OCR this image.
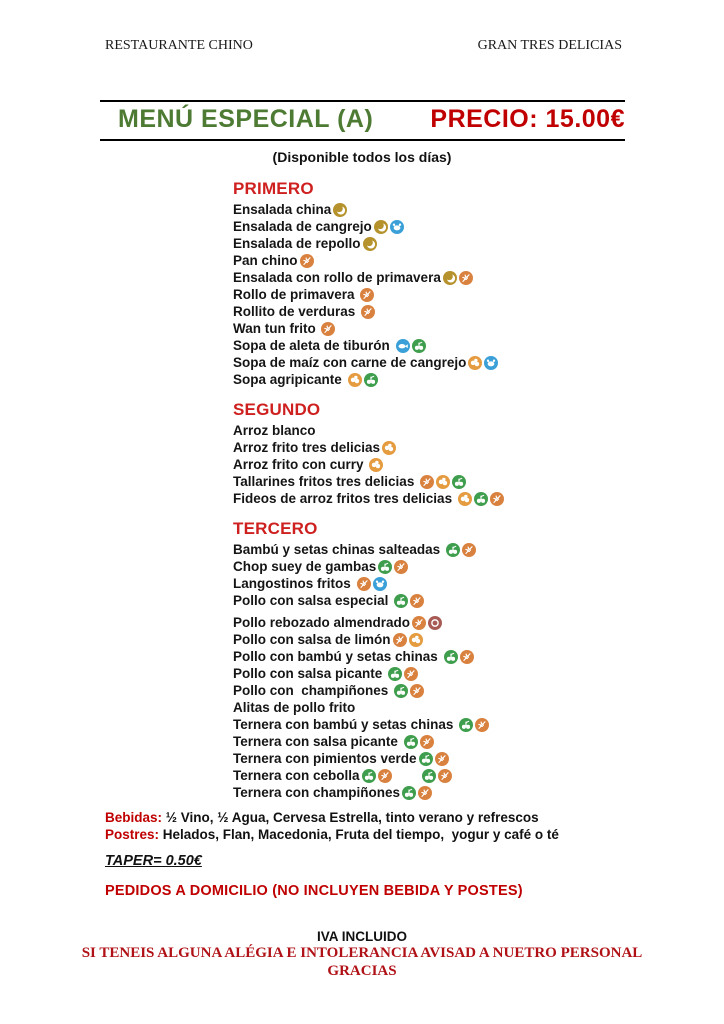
RESTAURANTE CHINO	GRAN TRES DELICIAS
MENÚ ESPECIAL (A) PRECIO: 15.00€
(Disponible todos los días)
PRIMERO
Ensalada china
Ensalada de cangrejo
Ensalada de repollo
Pan chino
Ensalada con rollo de primavera
Rollo de primavera
Rollito de verduras
Wan tun frito
Sopa de aleta de tiburón
Sopa de maíz con carne de cangrejo
Sopa agripicante
SEGUNDO
Arroz blanco
Arroz frito tres delicias
Arroz frito con curry
Tallarines fritos tres delicias
Fideos de arroz fritos tres delicias
TERCERO
Bambú y setas chinas salteadas
Chop suey de gambas
Langostinos fritos
Pollo con salsa especial
Pollo rebozado almendrado
Pollo con salsa de limón
Pollo con bambú y setas chinas
Pollo con salsa picante
Pollo con  champiñones
Alitas de pollo frito
Ternera con bambú y setas chinas
Ternera con salsa picante
Ternera con pimientos verde
Ternera con cebolla
Ternera con champiñones
Bebidas: ½ Vino, ½ Agua, Cervesa Estrella, tinto verano y refrescos
Postres: Helados, Flan, Macedonia, Fruta del tiempo,  yogur y café o té
TAPER= 0.50€
PEDIDOS A DOMICILIO (NO INCLUYEN BEBIDA Y POSTES)
IVA INCLUIDO
SI TENEIS ALGUNA ALÉGIA E INTOLERANCIA AVISAD A NUETRO PERSONAL
GRACIAS
